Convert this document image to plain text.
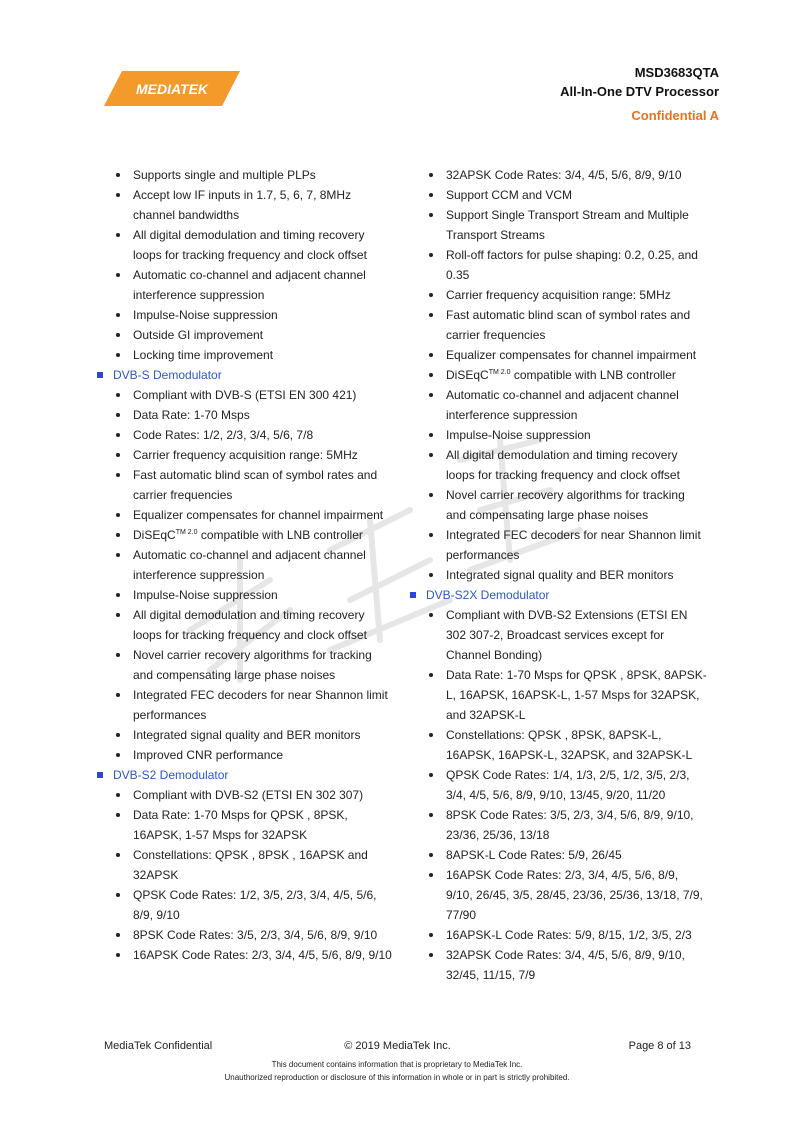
MEDIATEK
MSD3683QTA
All-In-One DTV Processor
Confidential A
Supports single and multiple PLPs
Accept low IF inputs in 1.7, 5, 6, 7, 8MHz channel bandwidths
All digital demodulation and timing recovery loops for tracking frequency and clock offset
Automatic co-channel and adjacent channel interference suppression
Impulse-Noise suppression
Outside GI improvement
Locking time improvement
DVB-S Demodulator
Compliant with DVB-S (ETSI EN 300 421)
Data Rate: 1-70 Msps
Code Rates: 1/2, 2/3, 3/4, 5/6, 7/8
Carrier frequency acquisition range: 5MHz
Fast automatic blind scan of symbol rates and carrier frequencies
Equalizer compensates for channel impairment
DiSEqC$^{TM 2.0}$ compatible with LNB controller
Automatic co-channel and adjacent channel interference suppression
Impulse-Noise suppression
All digital demodulation and timing recovery loops for tracking frequency and clock offset
Novel carrier recovery algorithms for tracking and compensating large phase noises
Integrated FEC decoders for near Shannon limit performances
Integrated signal quality and BER monitors
Improved CNR performance
DVB-S2 Demodulator
Compliant with DVB-S2 (ETSI EN 302 307)
Data Rate: 1-70 Msps for QPSK , 8PSK, 16APSK, 1-57 Msps for 32APSK
Constellations: QPSK , 8PSK , 16APSK and 32APSK
QPSK Code Rates: 1/2, 3/5, 2/3, 3/4, 4/5, 5/6, 8/9, 9/10
8PSK Code Rates: 3/5, 2/3, 3/4, 5/6, 8/9, 9/10
16APSK Code Rates: 2/3, 3/4, 4/5, 5/6, 8/9, 9/10
32APSK Code Rates: 3/4, 4/5, 5/6, 8/9, 9/10
Support CCM and VCM
Support Single Transport Stream and Multiple Transport Streams
Roll-off factors for pulse shaping: 0.2, 0.25, and 0.35
Carrier frequency acquisition range: 5MHz
Fast automatic blind scan of symbol rates and carrier frequencies
Equalizer compensates for channel impairment
DiSEqC$^{TM 2.0}$ compatible with LNB controller
Automatic co-channel and adjacent channel interference suppression
Impulse-Noise suppression
All digital demodulation and timing recovery loops for tracking frequency and clock offset
Novel carrier recovery algorithms for tracking and compensating large phase noises
Integrated FEC decoders for near Shannon limit performances
Integrated signal quality and BER monitors
DVB-S2X Demodulator
Compliant with DVB-S2 Extensions (ETSI EN 302 307-2, Broadcast services except for Channel Bonding)
Data Rate: 1-70 Msps for QPSK , 8PSK, 8APSK-L, 16APSK, 16APSK-L, 1-57 Msps for 32APSK, and 32APSK-L
Constellations: QPSK , 8PSK, 8APSK-L, 16APSK, 16APSK-L, 32APSK, and 32APSK-L
QPSK Code Rates: 1/4, 1/3, 2/5, 1/2, 3/5, 2/3, 3/4, 4/5, 5/6, 8/9, 9/10, 13/45, 9/20, 11/20
8PSK Code Rates: 3/5, 2/3, 3/4, 5/6, 8/9, 9/10, 23/36, 25/36, 13/18
8APSK-L Code Rates: 5/9, 26/45
16APSK Code Rates: 2/3, 3/4, 4/5, 5/6, 8/9, 9/10, 26/45, 3/5, 28/45, 23/36, 25/36, 13/18, 7/9, 77/90
16APSK-L Code Rates: 5/9, 8/15, 1/2, 3/5, 2/3
32APSK Code Rates: 3/4, 4/5, 5/6, 8/9, 9/10, 32/45, 11/15, 7/9
MediaTek Confidential	© 2019 MediaTek Inc.	Page 8 of 13
This document contains information that is proprietary to MediaTek Inc.
Unauthorized reproduction or disclosure of this information in whole or in part is strictly prohibited.
